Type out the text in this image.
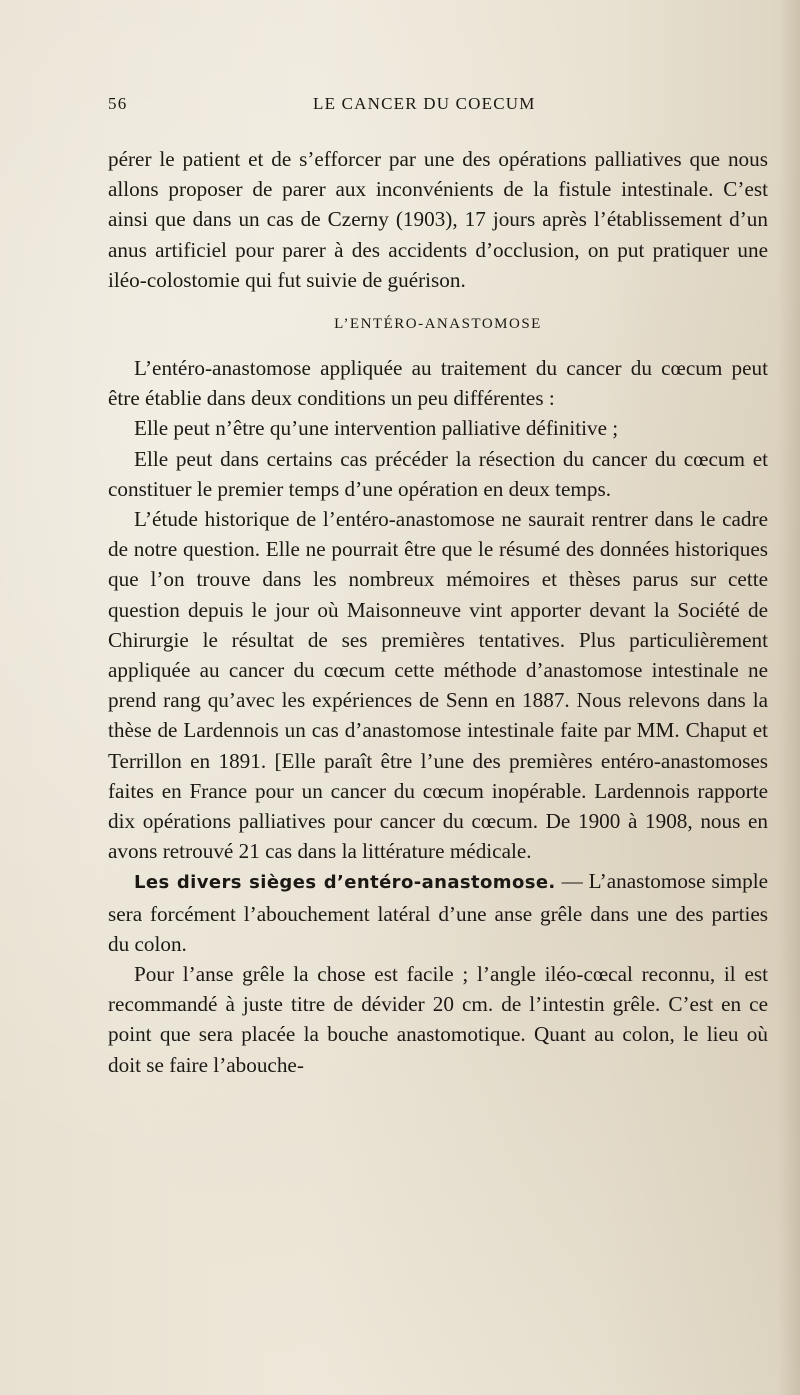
56	LE CANCER DU COECUM

pérer le patient et de s’efforcer par une des opérations palliatives que nous allons proposer de parer aux inconvénients de la fistule intestinale. C’est ainsi que dans un cas de Czerny (1903), 17 jours après l’établissement d’un anus artificiel pour parer à des accidents d’occlusion, on put pratiquer une iléo-colostomie qui fut suivie de guérison.

L’ENTÉRO-ANASTOMOSE

L’entéro-anastomose appliquée au traitement du cancer du cœcum peut être établie dans deux conditions un peu différentes :

Elle peut n’être qu’une intervention palliative définitive ;

Elle peut dans certains cas précéder la résection du cancer du cœcum et constituer le premier temps d’une opération en deux temps.

L’étude historique de l’entéro-anastomose ne saurait rentrer dans le cadre de notre question. Elle ne pourrait être que le résumé des données historiques que l’on trouve dans les nombreux mémoires et thèses parus sur cette question depuis le jour où Maisonneuve vint apporter devant la Société de Chirurgie le résultat de ses premières tentatives. Plus particulièrement appliquée au cancer du cœcum cette méthode d’anastomose intestinale ne prend rang qu’avec les expériences de Senn en 1887. Nous relevons dans la thèse de Lardennois un cas d’anastomose intestinale faite par MM. Chaput et Terrillon en 1891. [Elle paraît être l’une des premières entéro-anastomoses faites en France pour un cancer du cœcum inopérable. Lardennois rapporte dix opérations palliatives pour cancer du cœcum. De 1900 à 1908, nous en avons retrouvé 21 cas dans la littérature médicale.

Les divers sièges d’entéro-anastomose. — L’anastomose simple sera forcément l’abouchement latéral d’une anse grêle dans une des parties du colon.

Pour l’anse grêle la chose est facile ; l’angle iléo-cœcal reconnu, il est recommandé à juste titre de dévider 20 cm. de l’intestin grêle. C’est en ce point que sera placée la bouche anastomotique. Quant au colon, le lieu où doit se faire l’abouche-
